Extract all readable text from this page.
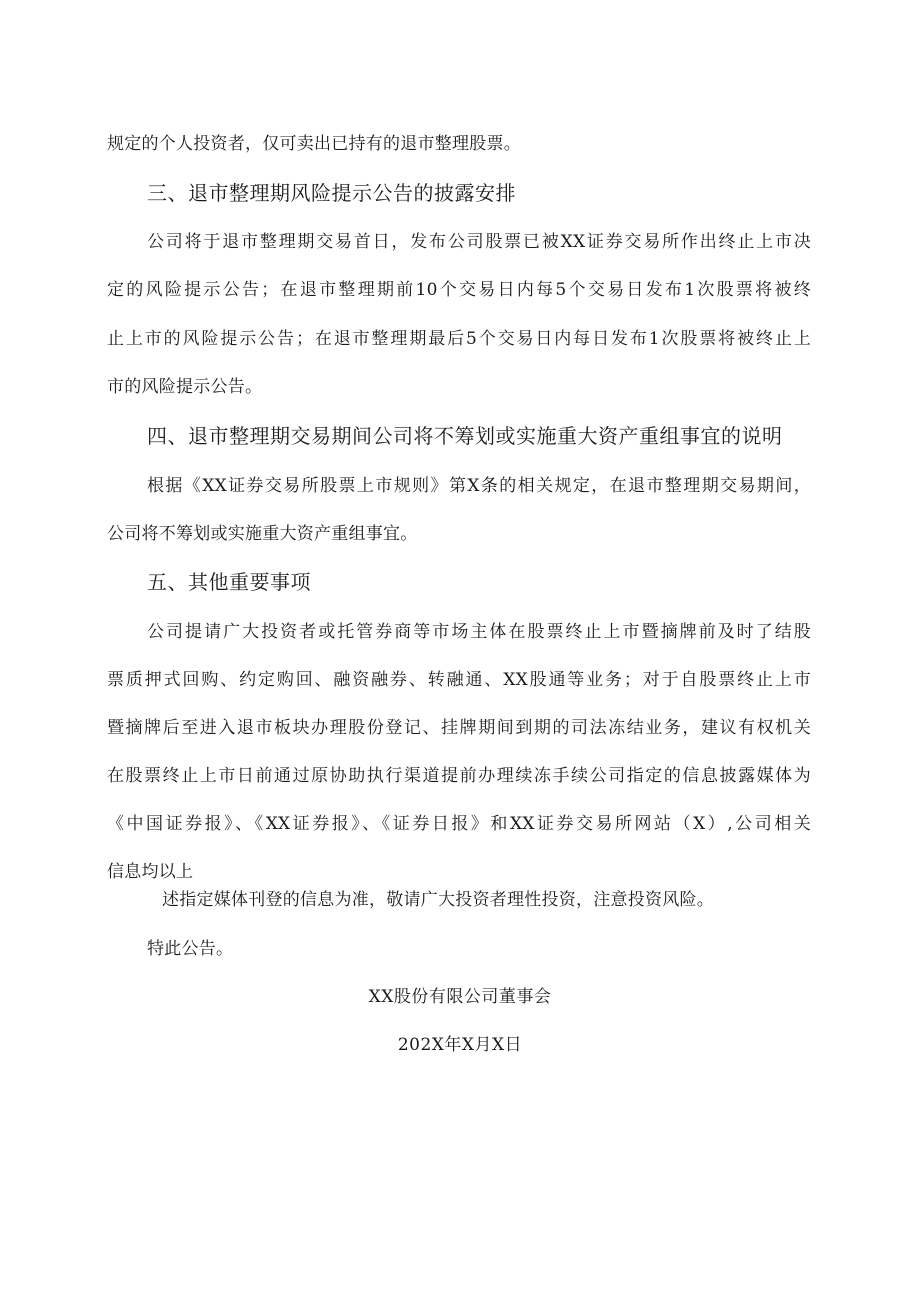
规定的个人投资者，仅可卖出已持有的退市整理股票。
三、退市整理期风险提示公告的披露安排
公司将于退市整理期交易首日，发布公司股票已被XX证券交易所作出终止上市决
定的风险提示公告；在退市整理期前10个交易日内每5个交易日发布1次股票将被终
止上市的风险提示公告；在退市整理期最后5个交易日内每日发布1次股票将被终止上
市的风险提示公告。
四、退市整理期交易期间公司将不筹划或实施重大资产重组事宜的说明
根据《XX证券交易所股票上市规则》第X条的相关规定，在退市整理期交易期间，
公司将不筹划或实施重大资产重组事宜。
五、其他重要事项
公司提请广大投资者或托管券商等市场主体在股票终止上市暨摘牌前及时了结股
票质押式回购、约定购回、融资融券、转融通、XX股通等业务；对于自股票终止上市
暨摘牌后至进入退市板块办理股份登记、挂牌期间到期的司法冻结业务，建议有权机关
在股票终止上市日前通过原协助执行渠道提前办理续冻手续公司指定的信息披露媒体为
《中国证券报》、《XX证券报》、《证券日报》和XX证券交易所网站（X）,公司相关
信息均以上
述指定媒体刊登的信息为准，敬请广大投资者理性投资，注意投资风险。
特此公告。
XX股份有限公司董事会
202X年X月X日
